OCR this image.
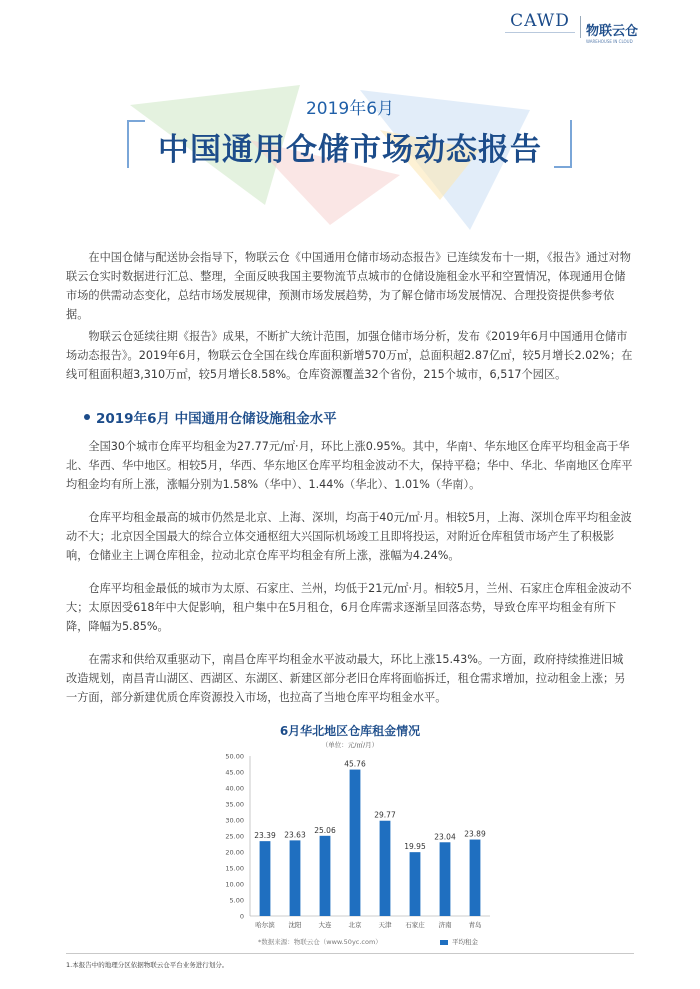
CAWD
物联云仓
WAREHOUSE IN CLOUD
2019年6月
中国通用仓储市场动态报告

在中国仓储与配送协会指导下，物联云仓《中国通用仓储市场动态报告》已连续发布十一期，《报告》通过对物联云仓实时数据进行汇总、整理，全面反映我国主要物流节点城市的仓储设施租金水平和空置情况，体现通用仓储市场的供需动态变化，总结市场发展规律，预测市场发展趋势，为了解仓储市场发展情况、合理投资提供参考依据。

物联云仓延续往期《报告》成果，不断扩大统计范围，加强仓储市场分析，发布《2019年6月中国通用仓储市场动态报告》。2019年6月，物联云仓全国在线仓库面积新增570万㎡，总面积超2.87亿㎡，较5月增长2.02%；在线可租面积超3,310万㎡，较5月增长8.58%。仓库资源覆盖32个省份，215个城市，6,517个园区。

2019年6月 中国通用仓储设施租金水平

全国30个城市仓库平均租金为27.77元/㎡·月，环比上涨0.95%。其中，华南¹、华东地区仓库平均租金高于华北、华西、华中地区。相较5月，华西、华东地区仓库平均租金波动不大，保持平稳；华中、华北、华南地区仓库平均租金均有所上涨，涨幅分别为1.58%（华中）、1.44%（华北）、1.01%（华南）。

仓库平均租金最高的城市仍然是北京、上海、深圳，均高于40元/㎡·月。相较5月，上海、深圳仓库平均租金波动不大；北京因全国最大的综合立体交通枢纽大兴国际机场竣工且即将投运，对附近仓库租赁市场产生了积极影响，仓储业主上调仓库租金，拉动北京仓库平均租金有所上涨，涨幅为4.24%。

仓库平均租金最低的城市为太原、石家庄、兰州，均低于21元/㎡·月。相较5月，兰州、石家庄仓库租金波动不大；太原因受618年中大促影响，租户集中在5月租仓，6月仓库需求逐渐呈回落态势，导致仓库平均租金有所下降，降幅为5.85%。

在需求和供给双重驱动下，南昌仓库平均租金水平波动最大，环比上涨15.43%。一方面，政府持续推进旧城改造规划，南昌青山湖区、西湖区、东湖区、新建区部分老旧仓库将面临拆迁，租仓需求增加，拉动租金上涨；另一方面，部分新建优质仓库资源投入市场，也拉高了当地仓库平均租金水平。

6月华北地区仓库租金情况
（单位：元/㎡/月）
0
5.00
10.00
15.00
20.00
25.00
30.00
35.00
40.00
45.00
50.00
23.39
哈尔滨
23.63
沈阳
25.06
大连
45.76
北京
29.77
天津
19.95
石家庄
23.04
济南
23.89
青岛
*数据来源：物联云仓（www.50yc.com）	平均租金
1.本报告中的地理分区依据物联云仓平台业务进行划分。
